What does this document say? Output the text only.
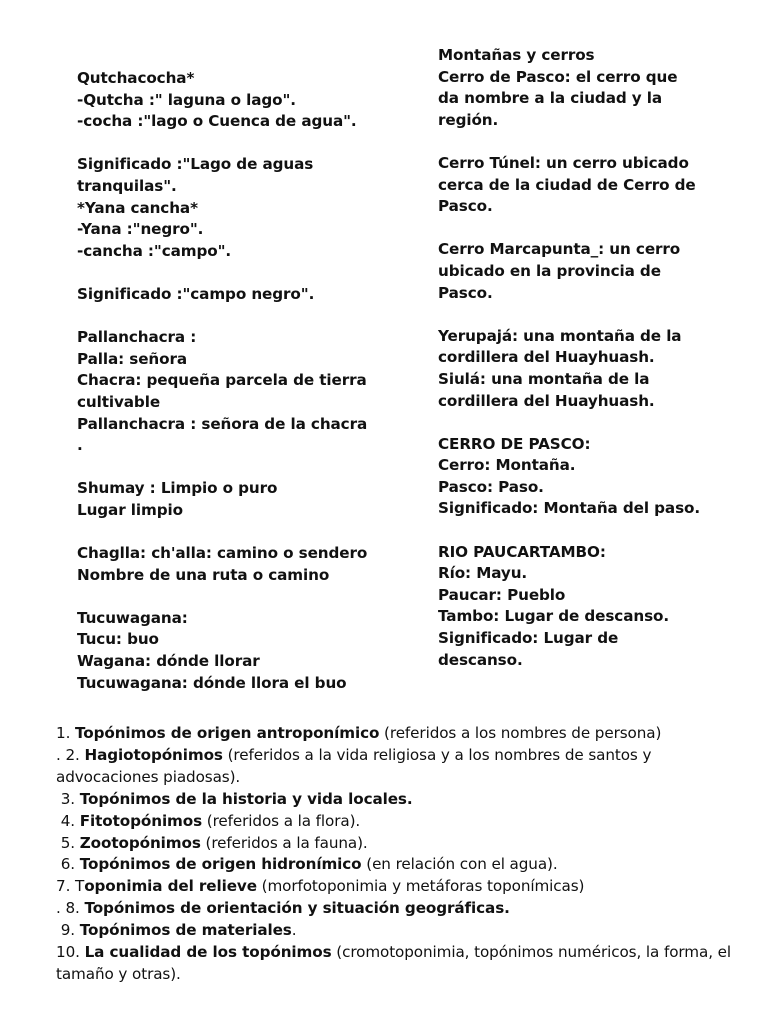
Qutchacocha*
-Qutcha :" laguna o lago".
-cocha :"lago o Cuenca de agua".
Significado :"Lago de aguas tranquilas".
*Yana cancha*
-Yana :"negro".
-cancha :"campo".
Significado :"campo negro".
Pallanchacra :
Palla: señora
Chacra: pequeña parcela de tierra cultivable
Pallanchacra : señora de la chacra .
Shumay : Limpio o puro
Lugar limpio
Chaglla: ch'alla: camino o sendero
Nombre de una ruta o camino
Tucuwagana:
Tucu: buo
Wagana: dónde llorar
Tucuwagana: dónde llora el buo
Montañas y cerros
Cerro de Pasco: el cerro que da nombre a la ciudad y la región.
Cerro Túnel: un cerro ubicado cerca de la ciudad de Cerro de Pasco.
Cerro Marcapunta_: un cerro ubicado en la provincia de Pasco.
Yerupajá: una montaña de la cordillera del Huayhuash.
Siulá: una montaña de la cordillera del Huayhuash.
CERRO DE PASCO:
Cerro: Montaña.
Pasco: Paso.
Significado: Montaña del paso.
RIO PAUCARTAMBO:
Río: Mayu.
Paucar: Pueblo
Tambo: Lugar de descanso.
Significado: Lugar de descanso.
1. Topónimos de origen antroponímico (referidos a los nombres de persona)
. 2. Hagiotopónimos (referidos a la vida religiosa y a los nombres de santos y advocaciones piadosas).
3. Topónimos de la historia y vida locales.
4. Fitotopónimos (referidos a la flora).
5. Zootopónimos (referidos a la fauna).
6. Topónimos de origen hidronímico (en relación con el agua).
7. Toponimia del relieve (morfotoponimia y metáforas toponímicas)
. 8. Topónimos de orientación y situación geográficas.
9. Topónimos de materiales.
10. La cualidad de los topónimos (cromotoponimia, topónimos numéricos, la forma, el tamaño y otras).
